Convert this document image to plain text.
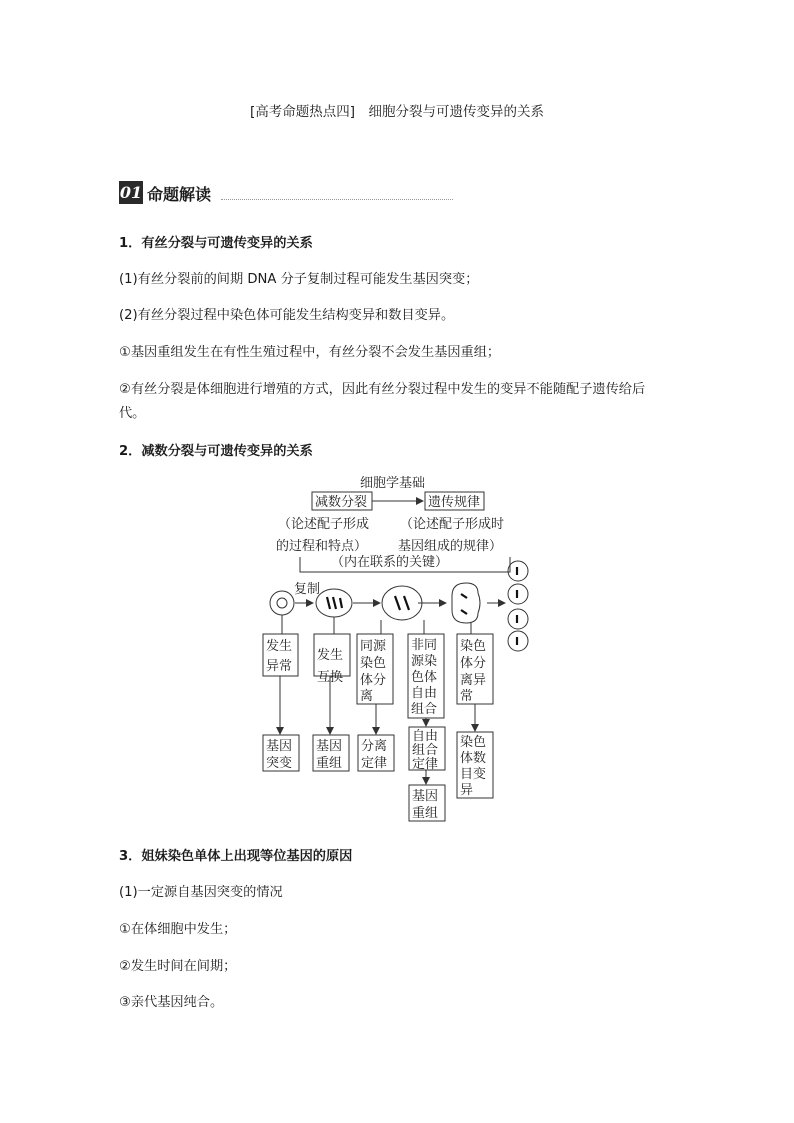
[高考命题热点四]　细胞分裂与可遗传变异的关系
01 命题解读
1．有丝分裂与可遗传变异的关系
(1)有丝分裂前的间期 DNA 分子复制过程可能发生基因突变；
(2)有丝分裂过程中染色体可能发生结构变异和数目变异。
①基因重组发生在有性生殖过程中，有丝分裂不会发生基因重组；
②有丝分裂是体细胞进行增殖的方式，因此有丝分裂过程中发生的变异不能随配子遗传给后
代。
2．减数分裂与可遗传变异的关系
细胞学基础
减数分裂	遗传规律
（论述配子形成
的过程和特点）
（论述配子形成时
基因组成的规律）
（内在联系的关键）
复制
发生
异常
发生
互换
同源
染色
体分
离
非同
源染
色体
自由
组合
染色
体分
离异
常
基因
突变
基因
重组
分离
定律
自由
组合
定律
基因
重组
染色
体数
目变
异
3．姐妹染色单体上出现等位基因的原因
(1)一定源自基因突变的情况
①在体细胞中发生；
②发生时间在间期；
③亲代基因纯合。
